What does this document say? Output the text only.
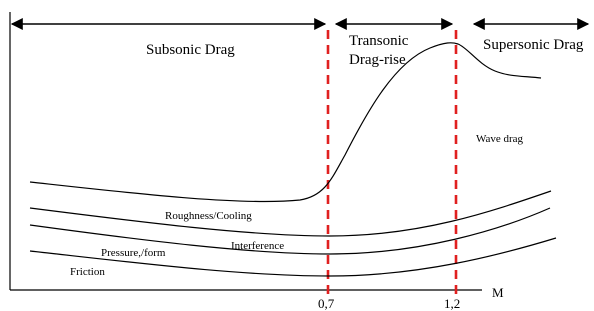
Subsonic Drag
Transonic
Drag-rise
Supersonic Drag
Wave drag
Roughness/Cooling
Interference
Pressure,/form
Friction
M
0,7	1,2
